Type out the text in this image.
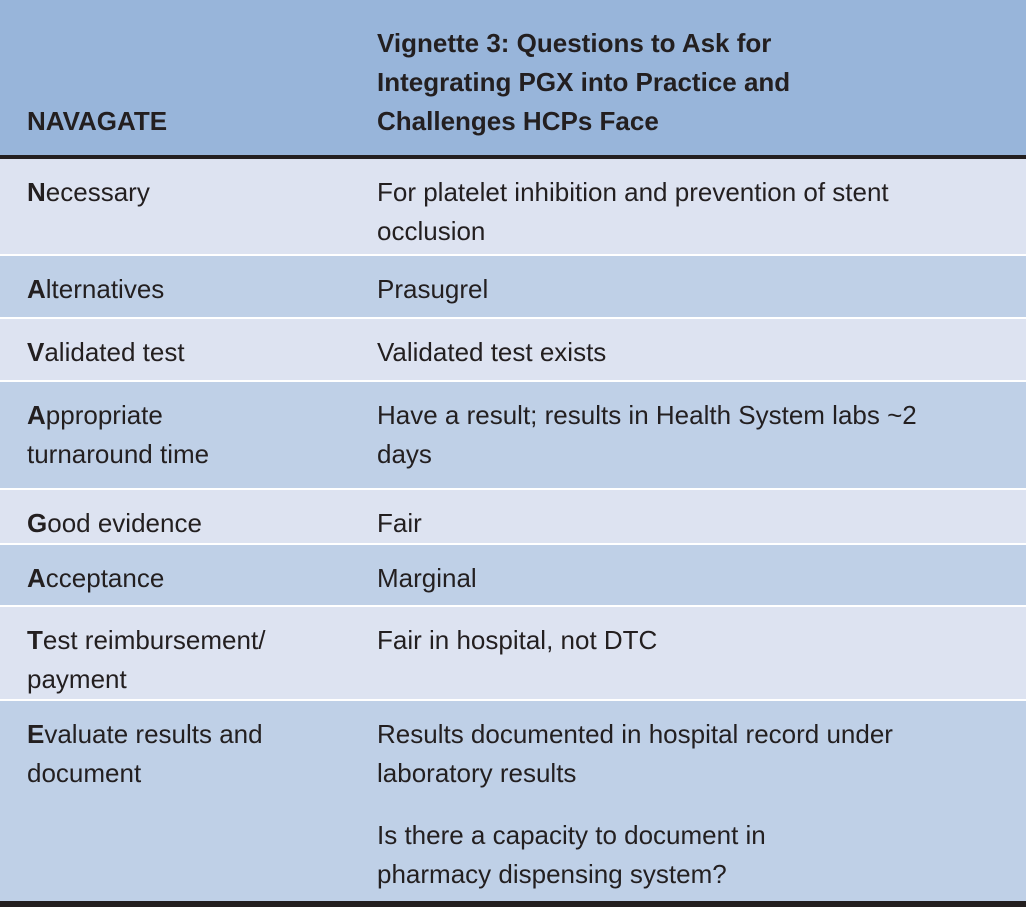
NAVAGATE	Vignette 3: Questions to Ask for Integrating PGX into Practice and Challenges HCPs Face

Necessary	For platelet inhibition and prevention of stent occlusion

Alternatives	Prasugrel

Validated test	Validated test exists

Appropriate turnaround time	Have a result; results in Health System labs ~2 days

Good evidence	Fair

Acceptance	Marginal

Test reimbursement/ payment	Fair in hospital, not DTC

Evaluate results and document	Results documented in hospital record under laboratory results
Is there a capacity to document in pharmacy dispensing system?
